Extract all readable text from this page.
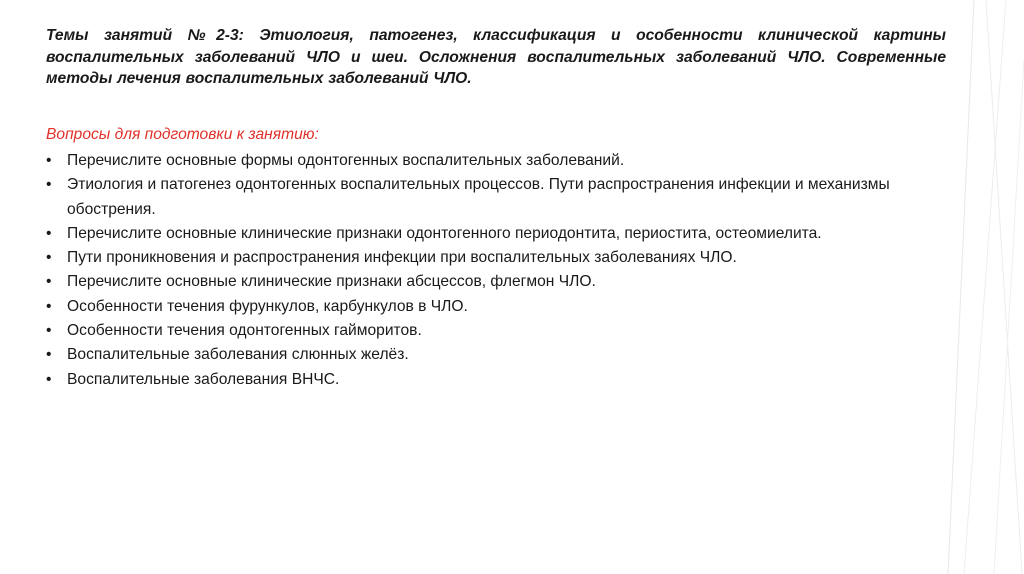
Темы занятий №2-3: Этиология, патогенез, классификация и особенности клинической картины воспалительных заболеваний ЧЛО и шеи. Осложнения воспалительных заболеваний ЧЛО. Современные методы лечения воспалительных заболеваний ЧЛО.

Вопросы для подготовки к занятию:

• Перечислите основные формы одонтогенных воспалительных заболеваний.
• Этиология и патогенез одонтогенных воспалительных процессов. Пути распространения инфекции и механизмы обострения.
• Перечислите основные клинические признаки одонтогенного периодонтита, периостита, остеомиелита.
• Пути проникновения и распространения инфекции при воспалительных заболеваниях ЧЛО.
• Перечислите основные клинические признаки абсцессов, флегмон ЧЛО.
• Особенности течения фурункулов, карбункулов в ЧЛО.
• Особенности течения одонтогенных гайморитов.
• Воспалительные заболевания слюнных желёз.
• Воспалительные заболевания ВНЧС.
